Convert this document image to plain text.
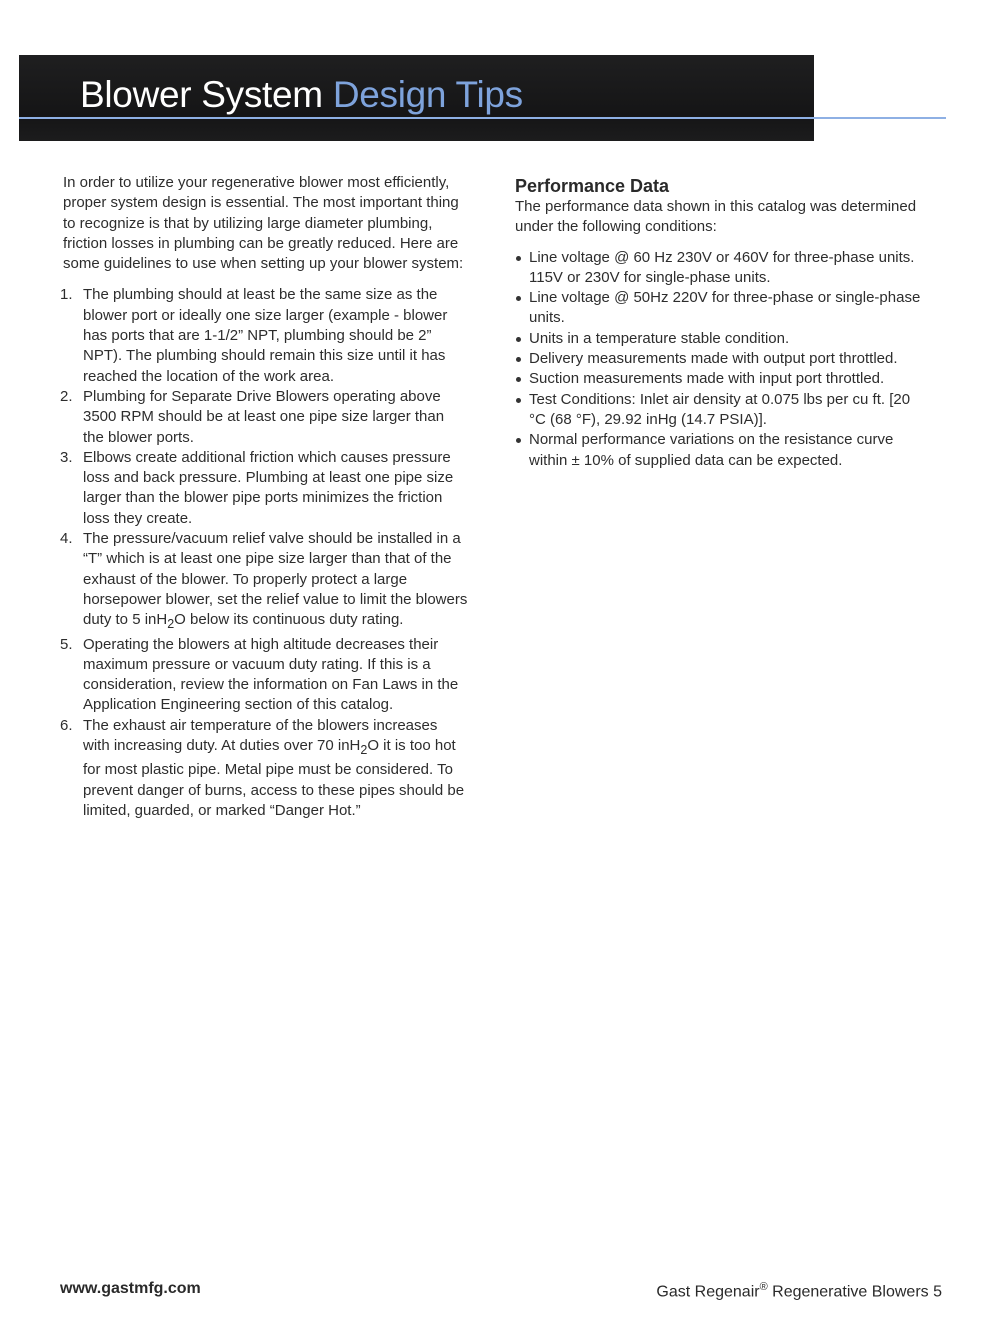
Blower System Design Tips

In order to utilize your regenerative blower most efficiently, proper system design is essential. The most important thing to recognize is that by utilizing large diameter plumbing, friction losses in plumbing can be greatly reduced. Here are some guidelines to use when setting up your blower system:

1. The plumbing should at least be the same size as the blower port or ideally one size larger (example - blower has ports that are 1-1/2” NPT, plumbing should be 2” NPT). The plumbing should remain this size until it has reached the location of the work area.
2. Plumbing for Separate Drive Blowers operating above 3500 RPM should be at least one pipe size larger than the blower ports.
3. Elbows create additional friction which causes pressure loss and back pressure. Plumbing at least one pipe size larger than the blower pipe ports minimizes the friction loss they create.
4. The pressure/vacuum relief valve should be installed in a “T” which is at least one pipe size larger than that of the exhaust of the blower. To properly protect a large horsepower blower, set the relief value to limit the blowers duty to 5 inH$_2$O below its continuous duty rating.
5. Operating the blowers at high altitude decreases their maximum pressure or vacuum duty rating. If this is a consideration, review the information on Fan Laws in the Application Engineering section of this catalog.
6. The exhaust air temperature of the blowers increases with increasing duty. At duties over 70 inH$_2$O it is too hot for most plastic pipe. Metal pipe must be considered. To prevent danger of burns, access to these pipes should be limited, guarded, or marked “Danger Hot.”
Performance Data

The performance data shown in this catalog was determined under the following conditions:

Line voltage @ 60 Hz 230V or 460V for three-phase units. 115V or 230V for single-phase units.
Line voltage @ 50Hz 220V for three-phase or single-phase units.
Units in a temperature stable condition.
Delivery measurements made with output port throttled.
Suction measurements made with input port throttled.
Test Conditions: Inlet air density at 0.075 lbs per cu ft. [20 °C (68 °F), 29.92 inHg (14.7 PSIA)].
Normal performance variations on the resistance curve within ± 10% of supplied data can be expected.
www.gastmfg.com	Gast Regenair® Regenerative Blowers 5
